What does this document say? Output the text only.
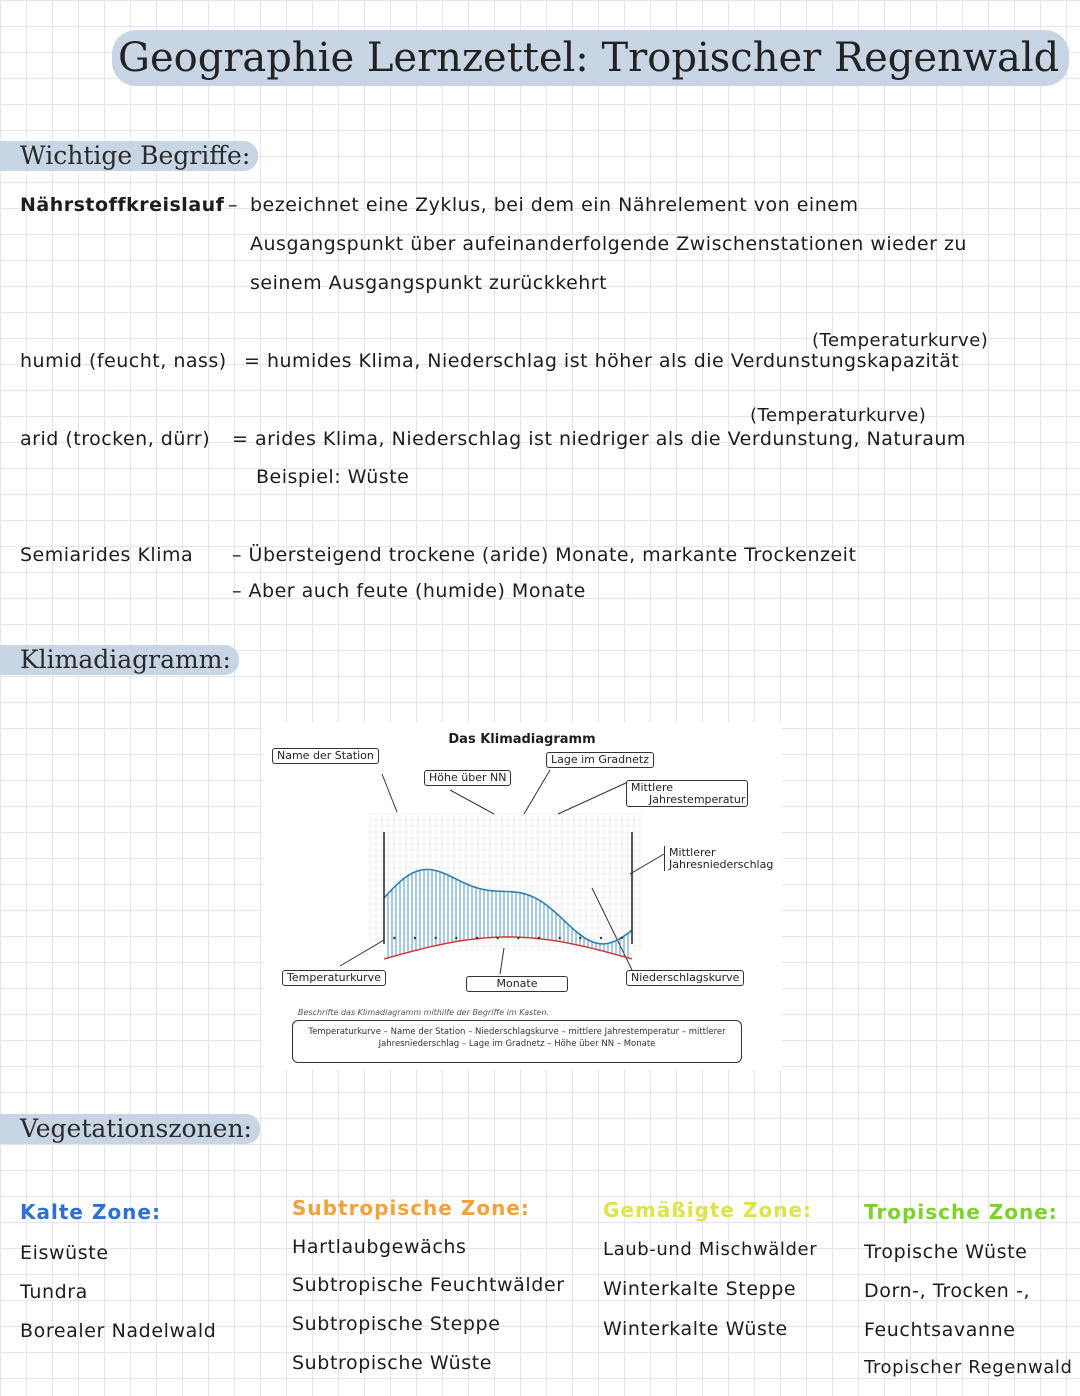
Geographie Lernzettel: Tropischer Regenwald
Wichtige Begriffe:
Nährstoffkreislauf – bezeichnet eine Zyklus, bei dem ein Nährelement von einem
Ausgangspunkt über aufeinanderfolgende Zwischenstationen wieder zu
seinem Ausgangspunkt zurückkehrt
(Temperaturkurve)
humid (feucht, nass) = humides Klima, Niederschlag ist höher als die Verdunstungskapazität
(Temperaturkurve)
arid (trocken, dürr) = arides Klima, Niederschlag ist niedriger als die Verdunstung, Naturaum
Beispiel: Wüste
Semiarides Klima – Übersteigend trockene (aride) Monate, markante Trockenzeit
– Aber auch feute (humide) Monate
Klimadiagramm:
Das Klimadiagramm
Name der Station
Höhe über NN
Lage im Gradnetz
Mittlere
Jahrestemperatur
Mittlerer
Jahresniederschlag
Temperaturkurve	Monate	Niederschlagskurve
Beschrifte das Klimadiagramm mithilfe der Begriffe im Kasten.
Temperaturkurve – Name der Station – Niederschlagskurve – mittlere Jahrestemperatur – mittlerer
Jahresniederschlag – Lage im Gradnetz – Höhe über NN – Monate
Vegetationszonen:
Kalte Zone:
Eiswüste
Tundra
Borealer Nadelwald
Subtropische Zone:
Hartlaubgewächs
Subtropische Feuchtwälder
Subtropische Steppe
Subtropische Wüste
Gemäßigte Zone:
Laub-und Mischwälder
Winterkalte Steppe
Winterkalte Wüste
Tropische Zone:
Tropische Wüste
Dorn-, Trocken -,
Feuchtsavanne
Tropischer Regenwald
